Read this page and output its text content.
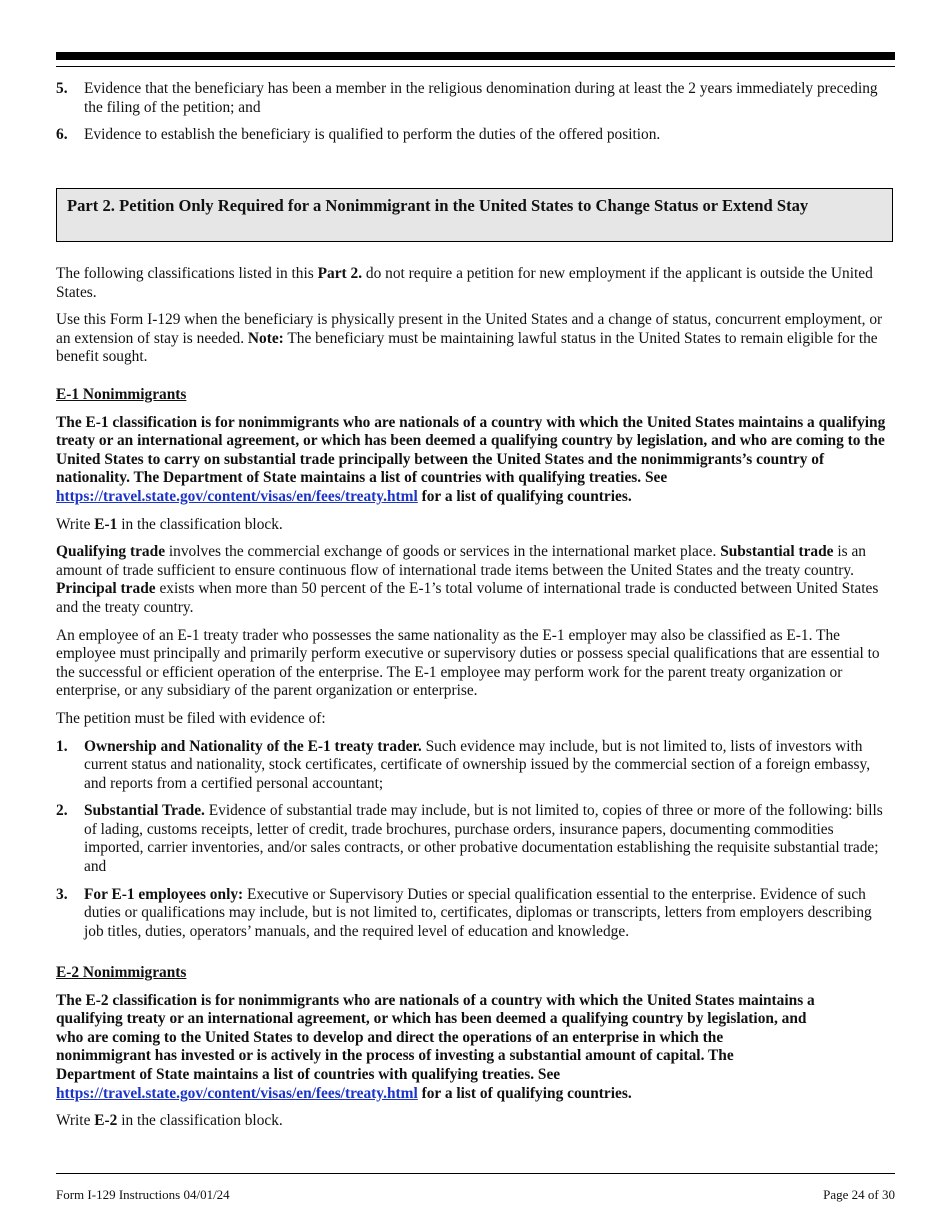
5. Evidence that the beneficiary has been a member in the religious denomination during at least the 2 years immediately preceding the filing of the petition; and
6. Evidence to establish the beneficiary is qualified to perform the duties of the offered position.
Part 2. Petition Only Required for a Nonimmigrant in the United States to Change Status or Extend Stay

The following classifications listed in this Part 2. do not require a petition for new employment if the applicant is outside the United States.

Use this Form I-129 when the beneficiary is physically present in the United States and a change of status, concurrent employment, or an extension of stay is needed. Note: The beneficiary must be maintaining lawful status in the United States to remain eligible for the benefit sought.

E-1 Nonimmigrants

The E-1 classification is for nonimmigrants who are nationals of a country with which the United States maintains a qualifying treaty or an international agreement, or which has been deemed a qualifying country by legislation, and who are coming to the United States to carry on substantial trade principally between the United States and the nonimmigrants’s country of nationality. The Department of State maintains a list of countries with qualifying treaties. See https://travel.state.gov/content/visas/en/fees/treaty.html for a list of qualifying countries.

Write E-1 in the classification block.

Qualifying trade involves the commercial exchange of goods or services in the international market place. Substantial trade is an amount of trade sufficient to ensure continuous flow of international trade items between the United States and the treaty country. Principal trade exists when more than 50 percent of the E-1’s total volume of international trade is conducted between United States and the treaty country.

An employee of an E-1 treaty trader who possesses the same nationality as the E-1 employer may also be classified as E-1. The employee must principally and primarily perform executive or supervisory duties or possess special qualifications that are essential to the successful or efficient operation of the enterprise. The E-1 employee may perform work for the parent treaty organization or enterprise, or any subsidiary of the parent organization or enterprise.

The petition must be filed with evidence of:

1. Ownership and Nationality of the E-1 treaty trader. Such evidence may include, but is not limited to, lists of investors with current status and nationality, stock certificates, certificate of ownership issued by the commercial section of a foreign embassy, and reports from a certified personal accountant;
2. Substantial Trade. Evidence of substantial trade may include, but is not limited to, copies of three or more of the following: bills of lading, customs receipts, letter of credit, trade brochures, purchase orders, insurance papers, documenting commodities imported, carrier inventories, and/or sales contracts, or other probative documentation establishing the requisite substantial trade; and
3. For E-1 employees only: Executive or Supervisory Duties or special qualification essential to the enterprise. Evidence of such duties or qualifications may include, but is not limited to, certificates, diplomas or transcripts, letters from employers describing job titles, duties, operators’ manuals, and the required level of education and knowledge.

E-2 Nonimmigrants

The E-2 classification is for nonimmigrants who are nationals of a country with which the United States maintains a qualifying treaty or an international agreement, or which has been deemed a qualifying country by legislation, and who are coming to the United States to develop and direct the operations of an enterprise in which the nonimmigrant has invested or is actively in the process of investing a substantial amount of capital. The Department of State maintains a list of countries with qualifying treaties. See https://travel.state.gov/content/visas/en/fees/treaty.html for a list of qualifying countries.

Write E-2 in the classification block.

Form I-129 Instructions 04/01/24	Page 24 of 30
